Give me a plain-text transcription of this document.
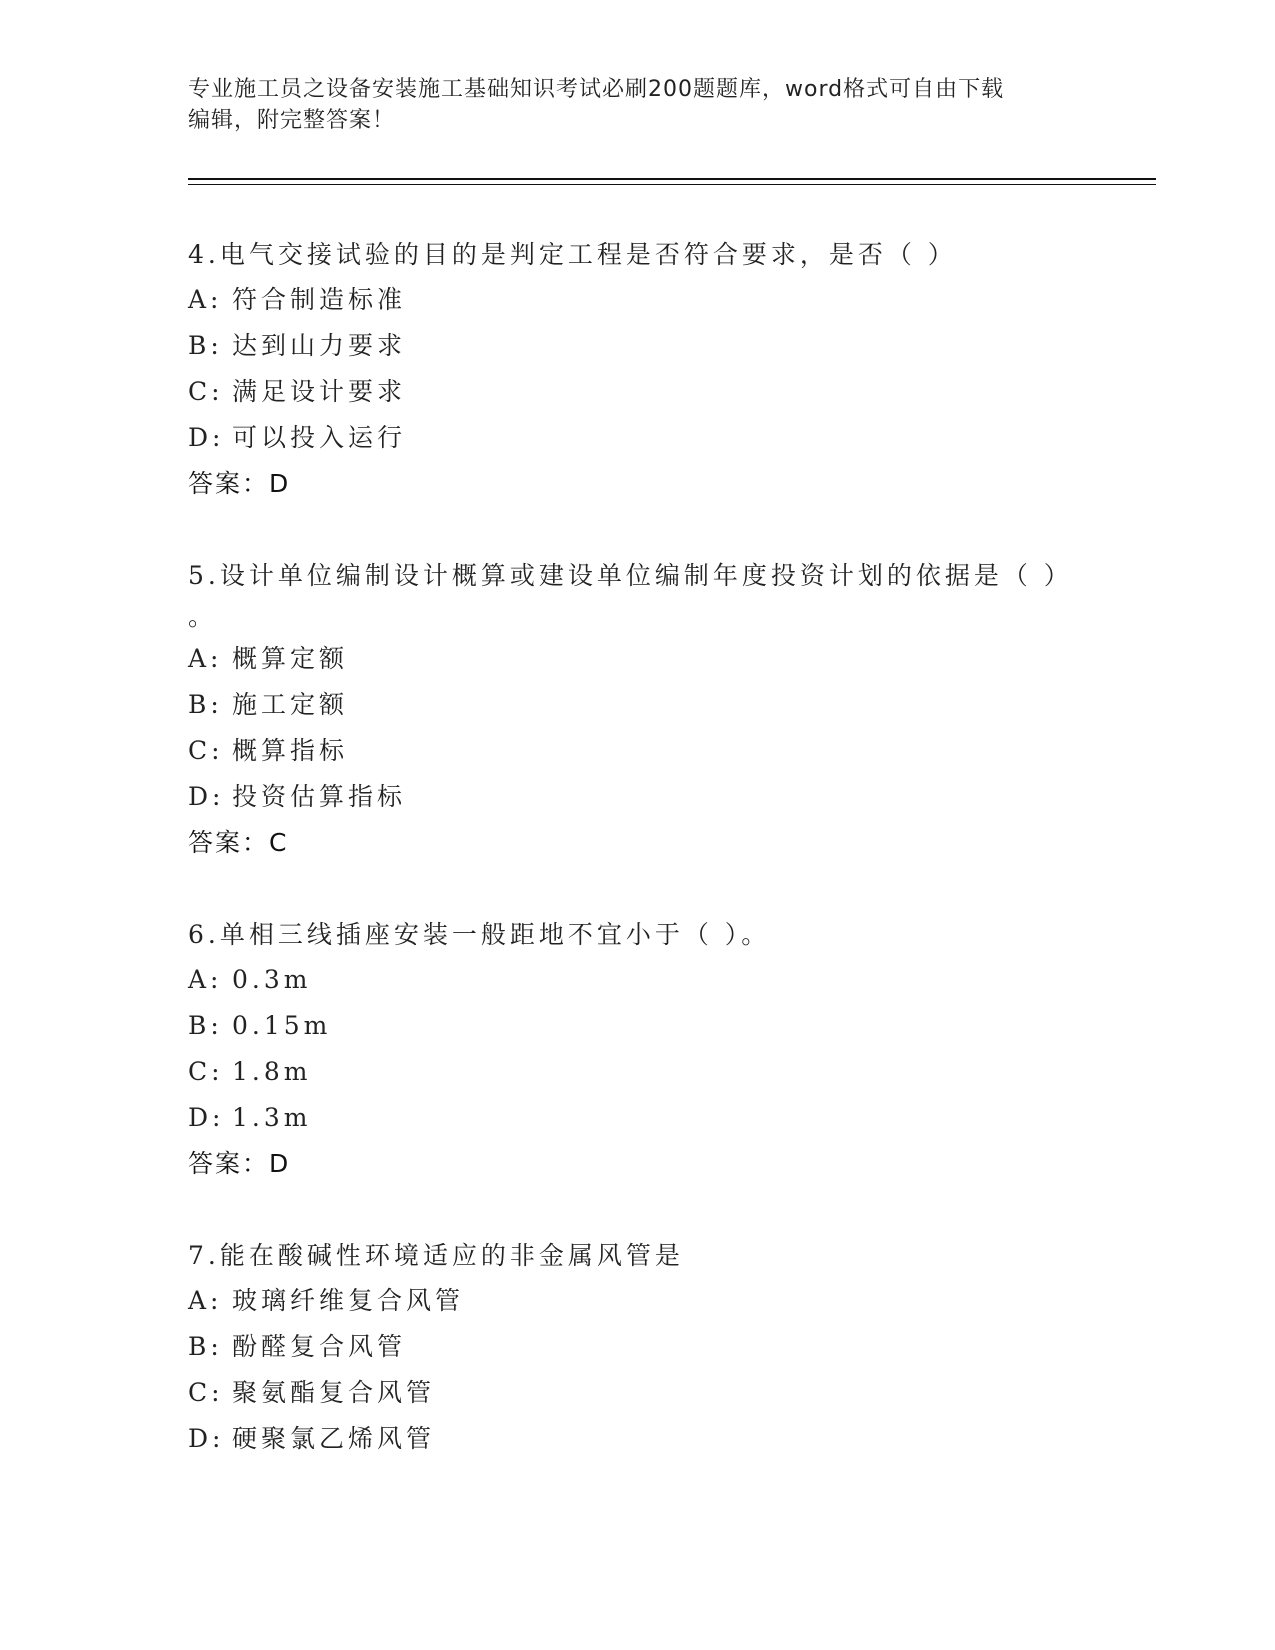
专业施工员之设备安装施工基础知识考试必刷200题题库，word格式可自由下载
编辑，附完整答案！
4.电气交接试验的目的是判定工程是否符合要求，是否（ ）
A: 符合制造标准
B: 达到山力要求
C: 满足设计要求
D: 可以投入运行
答案：D
5.设计单位编制设计概算或建设单位编制年度投资计划的依据是（ ）
。
A: 概算定额
B: 施工定额
C: 概算指标
D: 投资估算指标
答案：C
6.单相三线插座安装一般距地不宜小于（ ）。
A: 0.3m
B: 0.15m
C: 1.8m
D: 1.3m
答案：D
7.能在酸碱性环境适应的非金属风管是
A: 玻璃纤维复合风管
B: 酚醛复合风管
C: 聚氨酯复合风管
D: 硬聚氯乙烯风管
